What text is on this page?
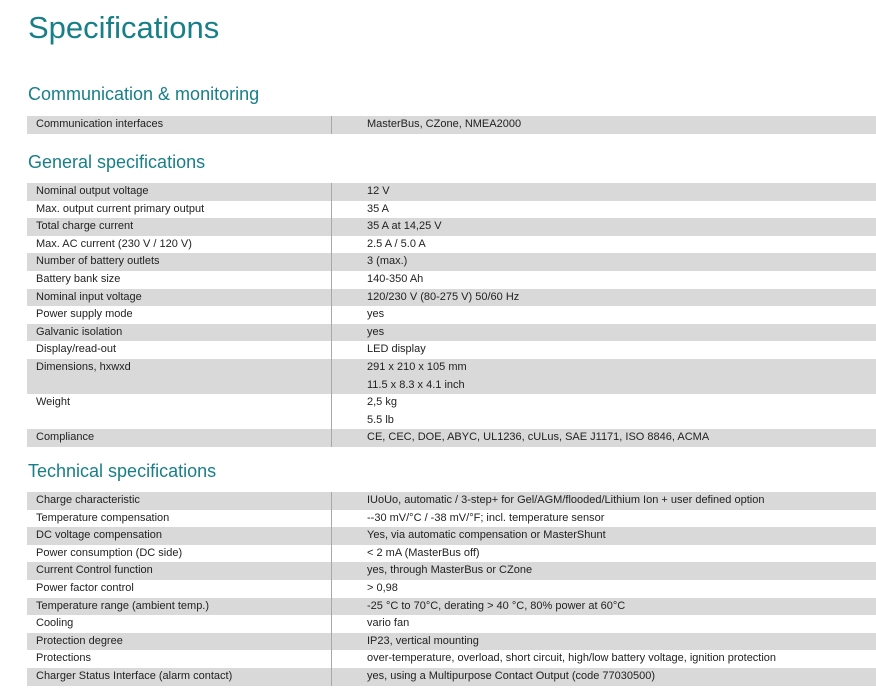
Specifications
Communication & monitoring
Communication interfaces	MasterBus, CZone, NMEA2000
General specifications
Nominal output voltage	12 V

Max. output current primary output	35 A

Total charge current	35 A at 14,25 V

Max. AC current (230 V / 120 V)	2.5 A / 5.0 A

Number of battery outlets	3 (max.)

Battery bank size	140-350 Ah

Nominal input voltage	120/230 V (80-275 V) 50/60 Hz

Power supply mode	yes

Galvanic isolation	yes

Display/read-out	LED display

Dimensions, hxwxd	291 x 210 x 105 mm
11.5 x 8.3 x 4.1 inch

Weight	2,5 kg
5.5 lb

Compliance	CE, CEC, DOE, ABYC, UL1236, cULus, SAE J1171, ISO 8846, ACMA
Technical specifications
Charge characteristic	IUoUo, automatic / 3-step+ for Gel/AGM/flooded/Lithium Ion + user defined option

Temperature compensation	--30 mV/°C / -38 mV/°F; incl. temperature sensor

DC voltage compensation	Yes, via automatic compensation or MasterShunt

Power consumption (DC side)	< 2 mA (MasterBus off)

Current Control function	yes, through MasterBus or CZone

Power factor control	> 0,98

Temperature range (ambient temp.)	-25 °C to 70°C, derating > 40 °C, 80% power at 60°C

Cooling	vario fan

Protection degree	IP23, vertical mounting

Protections	over-temperature, overload, short circuit, high/low battery voltage, ignition protection

Charger Status Interface (alarm contact)	yes, using a Multipurpose Contact Output (code 77030500)
